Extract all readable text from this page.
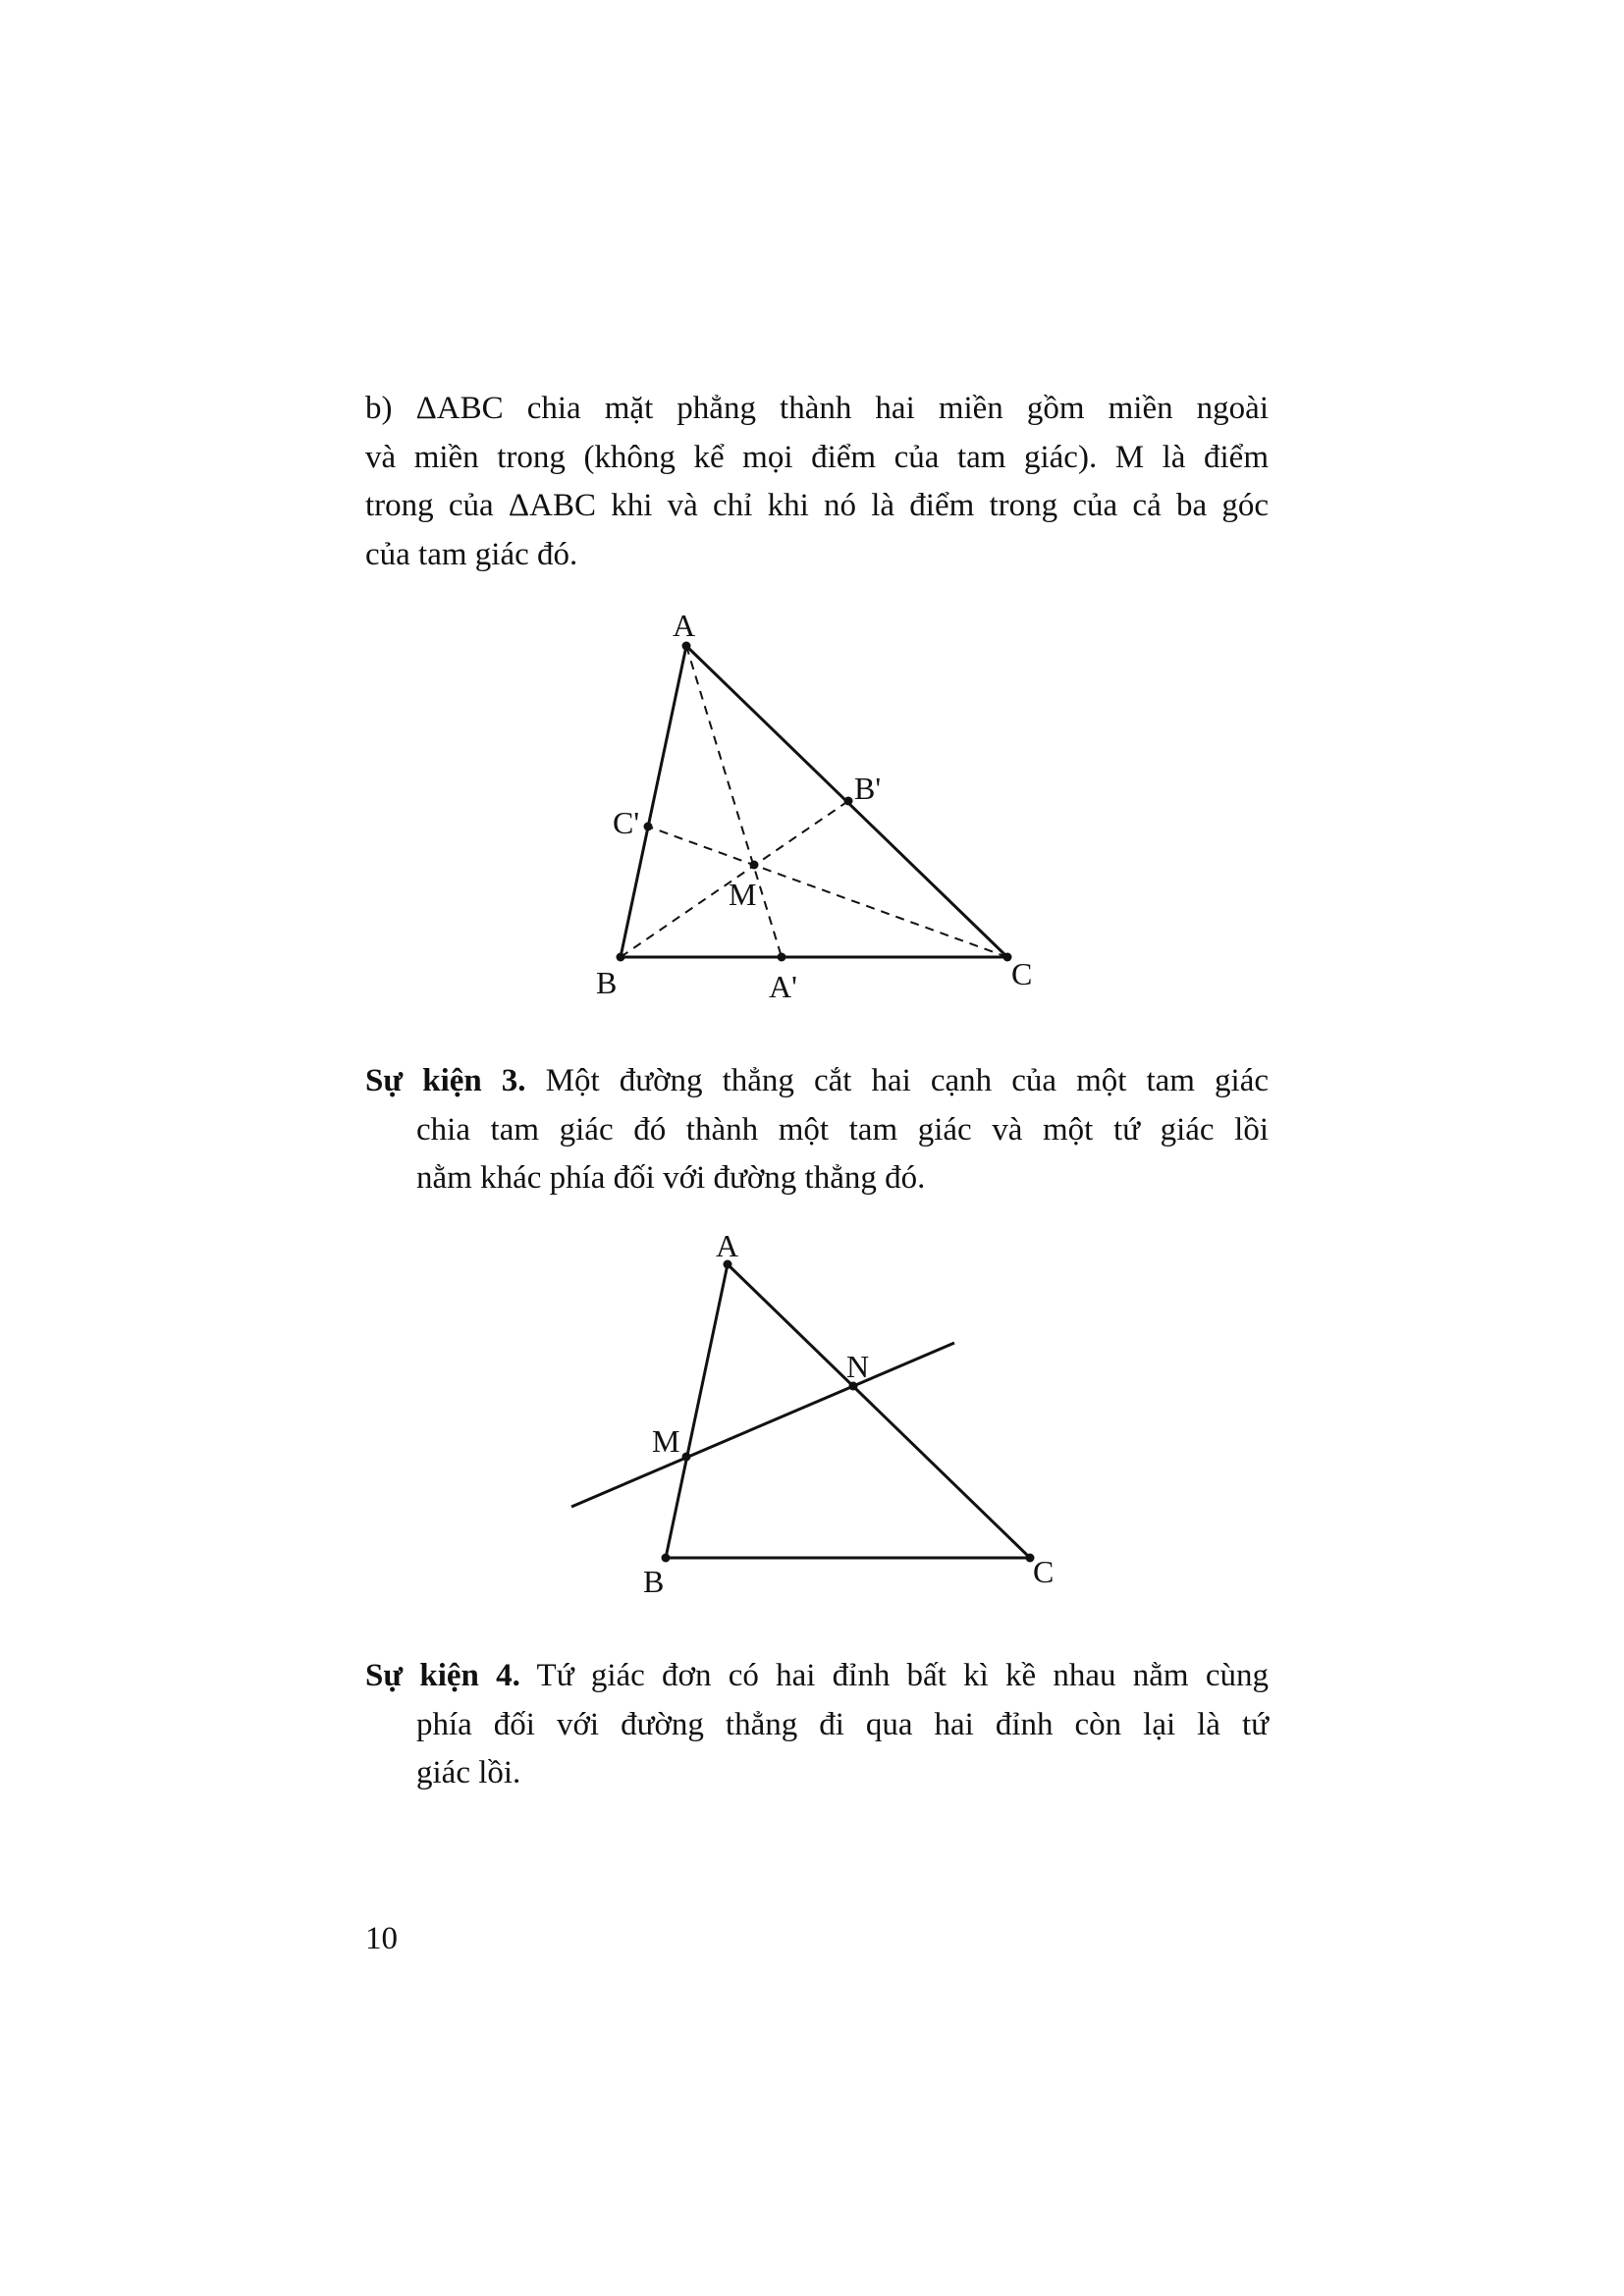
b) ΔABC chia mặt phẳng thành hai miền gồm miền ngoài
và miền trong (không kể mọi điểm của tam giác). M là điểm
trong của ΔABC khi và chỉ khi nó là điểm trong của cả ba góc
của tam giác đó.
A
B'
C'
M
B	A'	C
Sự kiện 3. Một đường thẳng cắt hai cạnh của một tam giác
chia tam giác đó thành một tam giác và một tứ giác lồi
nằm khác phía đối với đường thẳng đó.
A
N
M
B	C
Sự kiện 4. Tứ giác đơn có hai đỉnh bất kì kề nhau nằm cùng
phía đối với đường thẳng đi qua hai đỉnh còn lại là tứ
giác lồi.
10
